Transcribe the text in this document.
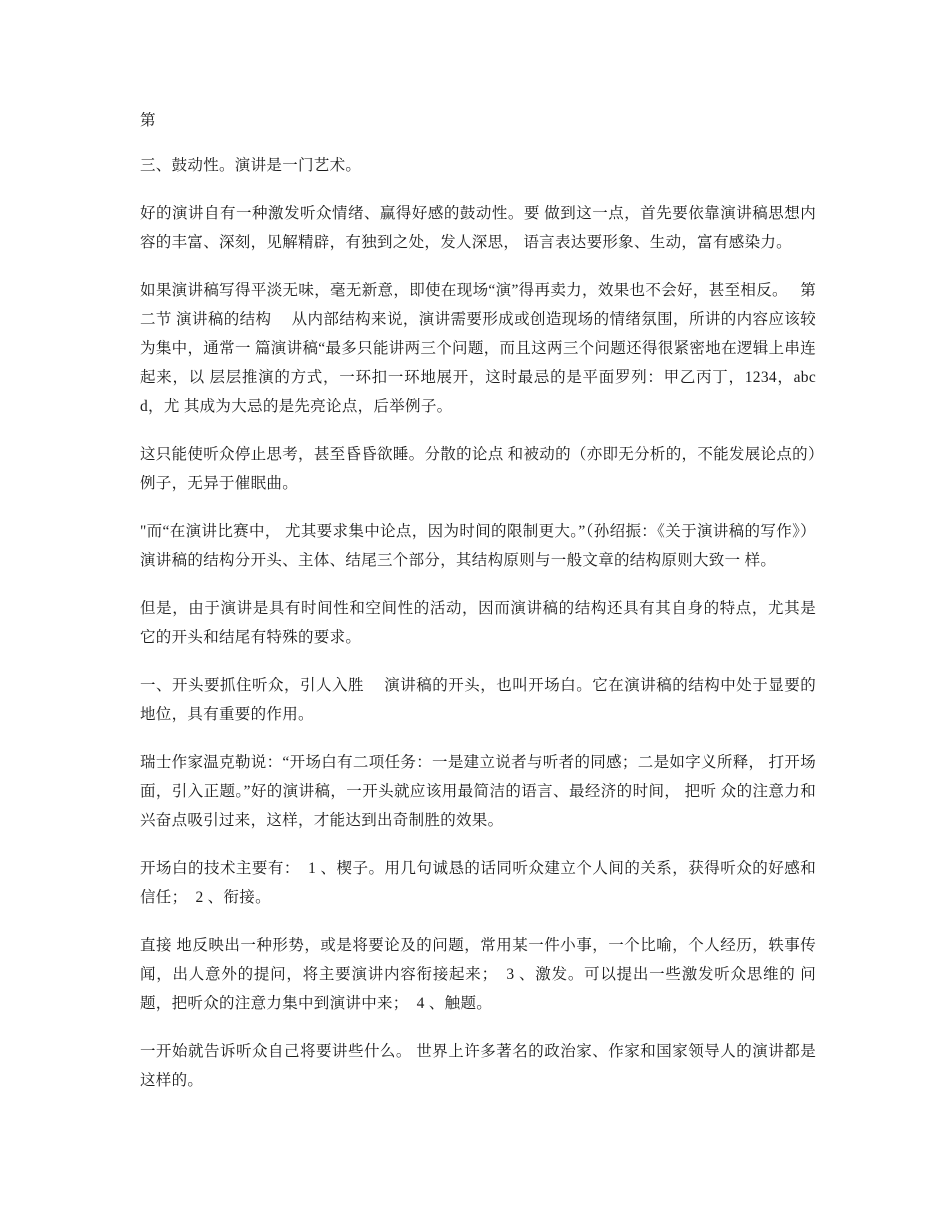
第

三、鼓动性。演讲是一门艺术。

好的演讲自有一种激发听众情绪、赢得好感的鼓动性。要 做到这一点，首先要依靠演讲稿思想内容的丰富、深刻，见解精辟，有独到之处，发人深思， 语言表达要形象、生动，富有感染力。

如果演讲稿写得平淡无味，毫无新意，即使在现场“演”得再卖力，效果也不会好，甚至相反。　 第二节 演讲稿的结构　 从内部结构来说，演讲需要形成或创造现场的情绪氛围，所讲的内容应该较为集中，通常一 篇演讲稿“最多只能讲两三个问题，而且这两三个问题还得很紧密地在逻辑上串连起来，以 层层推演的方式，一环扣一环地展开，这时最忌的是平面罗列：甲乙丙丁，1234，abcd，尤 其成为大忌的是先亮论点，后举例子。

这只能使听众停止思考，甚至昏昏欲睡。分散的论点 和被动的（亦即无分析的，不能发展论点的）例子，无异于催眠曲。

"而“在演讲比赛中， 尤其要求集中论点，因为时间的限制更大。”（孙绍振：《关于演讲稿的写作》） 演讲稿的结构分开头、主体、结尾三个部分，其结构原则与一般文章的结构原则大致一 样。

但是，由于演讲是具有时间性和空间性的活动，因而演讲稿的结构还具有其自身的特点，尤其是它的开头和结尾有特殊的要求。

一、开头要抓住听众，引人入胜　 演讲稿的开头，也叫开场白。它在演讲稿的结构中处于显要的地位，具有重要的作用。

瑞士作家温克勒说：“开场白有二项任务：一是建立说者与听者的同感；二是如字义所释， 打开场面，引入正题。”好的演讲稿，一开头就应该用最简洁的语言、最经济的时间， 把听 众的注意力和兴奋点吸引过来，这样，才能达到出奇制胜的效果。

开场白的技术主要有：　1 、楔子。用几句诚恳的话同听众建立个人间的关系，获得听众的好感和信任；　2 、衔接。

直接 地反映出一种形势，或是将要论及的问题，常用某一件小事，一个比喻，个人经历，轶事传 闻，出人意外的提问，将主要演讲内容衔接起来；　3 、激发。可以提出一些激发听众思维的 问题，把听众的注意力集中到演讲中来；　4 、触题。

一开始就告诉听众自己将要讲些什么。 世界上许多著名的政治家、作家和国家领导人的演讲都是这样的。
